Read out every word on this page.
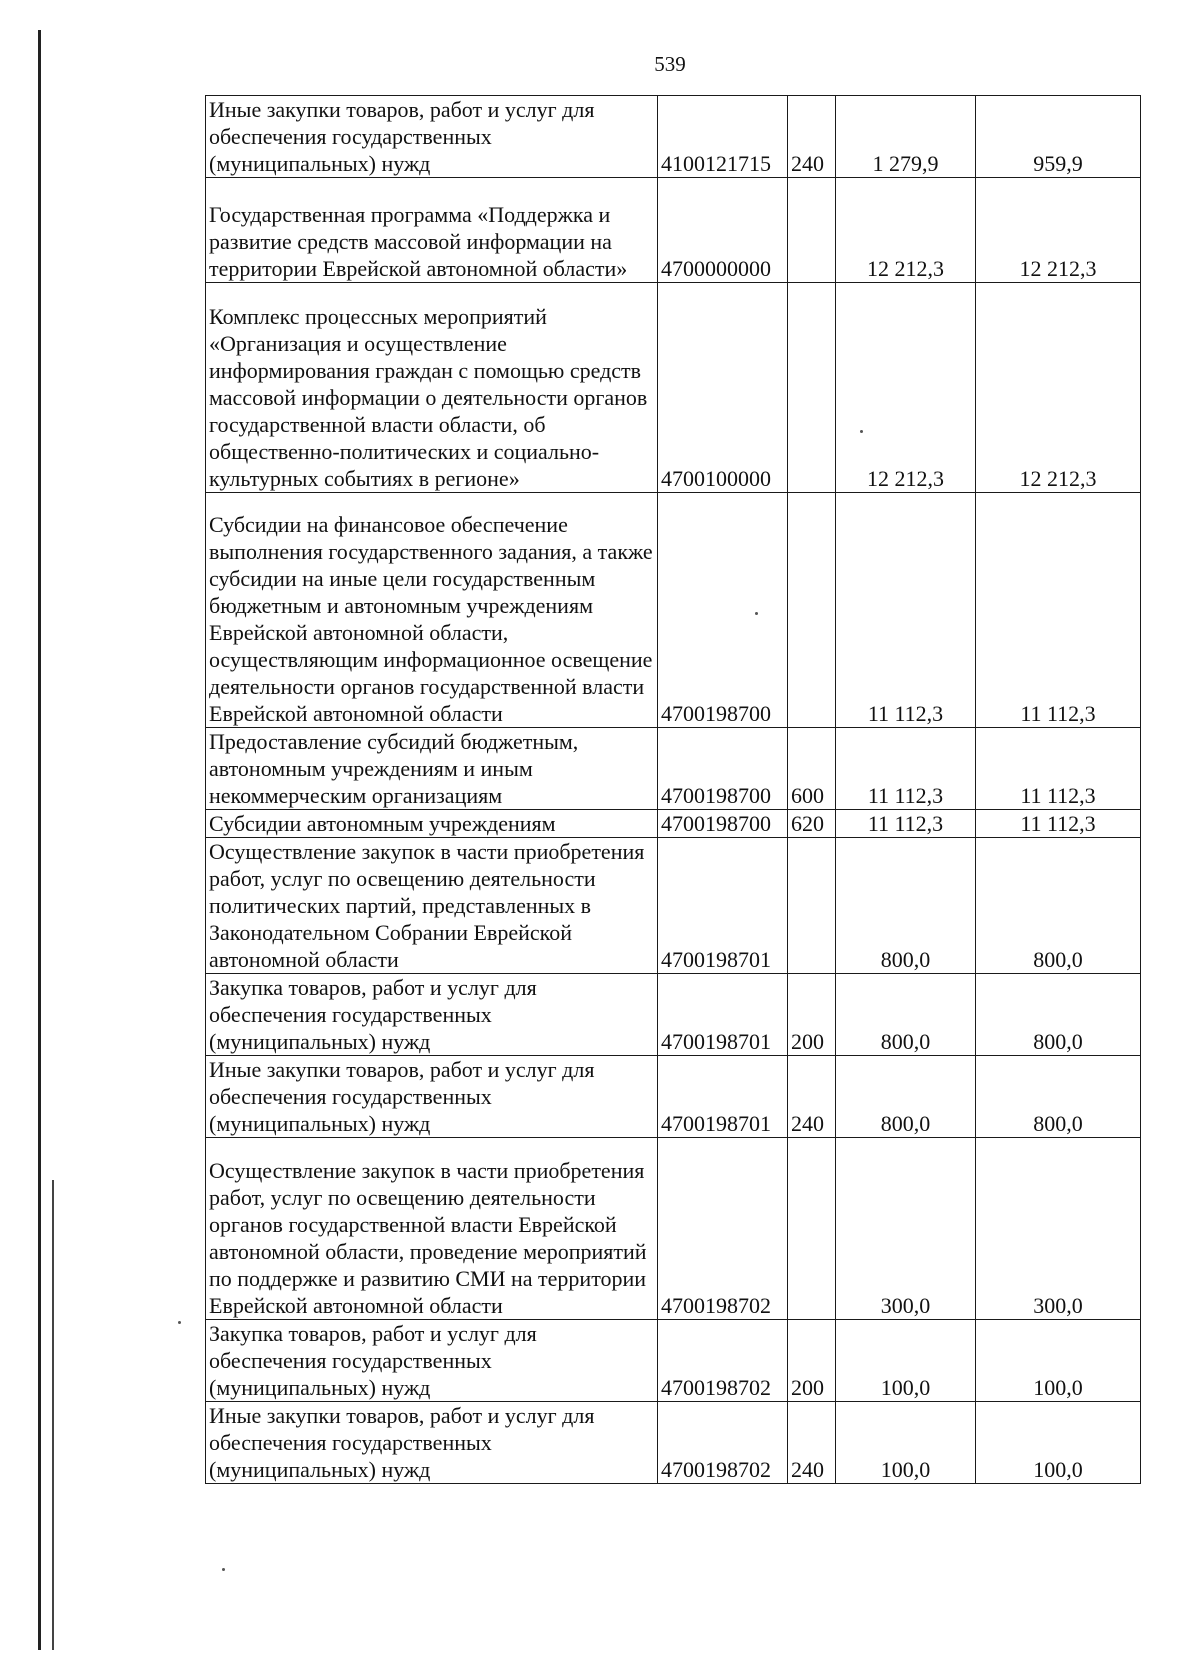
539
Иные закупки товаров, работ и услуг для обеспечения государственных (муниципальных) нужд	4100121715	240	1 279,9	959,9
Государственная программа «Поддержка и развитие средств массовой информации на территории Еврейской автономной области»	4700000000		12 212,3	12 212,3
Комплекс процессных мероприятий «Организация и осуществление информирования граждан с помощью средств массовой информации о деятельности органов государственной власти области, об общественно-политических и социально-культурных событиях в регионе»	4700100000		12 212,3	12 212,3
Субсидии на финансовое обеспечение выполнения государственного задания, а также субсидии на иные цели государственным бюджетным и автономным учреждениям Еврейской автономной области, осуществляющим информационное освещение деятельности органов государственной власти Еврейской автономной области	4700198700		11 112,3	11 112,3
Предоставление субсидий бюджетным, автономным учреждениям и иным некоммерческим организациям	4700198700	600	11 112,3	11 112,3
Субсидии автономным учреждениям	4700198700	620	11 112,3	11 112,3
Осуществление закупок в части приобретения работ, услуг по освещению деятельности политических партий, представленных в Законодательном Собрании Еврейской автономной области	4700198701		800,0	800,0
Закупка товаров, работ и услуг для обеспечения государственных (муниципальных) нужд	4700198701	200	800,0	800,0
Иные закупки товаров, работ и услуг для обеспечения государственных (муниципальных) нужд	4700198701	240	800,0	800,0
Осуществление закупок в части приобретения работ, услуг по освещению деятельности органов государственной власти Еврейской автономной области, проведение мероприятий по поддержке и развитию СМИ на территории Еврейской автономной области	4700198702		300,0	300,0
Закупка товаров, работ и услуг для обеспечения государственных (муниципальных) нужд	4700198702	200	100,0	100,0
Иные закупки товаров, работ и услуг для обеспечения государственных (муниципальных) нужд	4700198702	240	100,0	100,0
